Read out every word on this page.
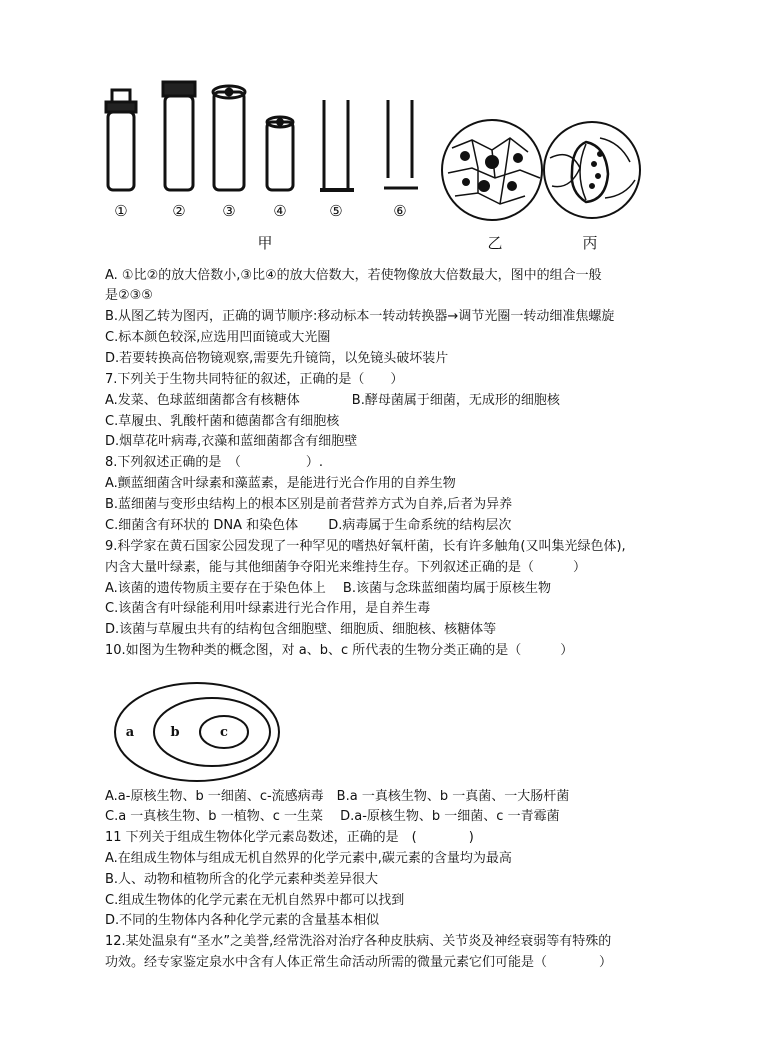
①	② ③	④	⑤	⑥
甲	乙	丙
A. ①比②的放大倍数小,③比④的放大倍数大，若使物像放大倍数最大，图中的组合一般
是②③⑤
B.从图乙转为图丙，正确的调节顺序:移动标本一转动转换器→调节光圈一转动细准焦螺旋
C.标本颜色较深,应选用凹面镜或大光圈
D.若要转换高倍物镜观察,需要先升镜筒，以免镜头破坏装片
7.下列关于生物共同特征的叙述，正确的是（　　）
A.发菜、色球蓝细菌都含有核糖体　　　　B.酵母菌属于细菌，无成形的细胞核
C.草履虫、乳酸杆菌和德菌都含有细胞核
D.烟草花叶病毒,衣藻和蓝细菌都含有细胞壁
8.下列叙述正确的是　（　　　　　）.
A.颤蓝细菌含叶绿素和藻蓝素，是能进行光合作用的自养生物
B.蓝细菌与变形虫结构上的根本区别是前者营养方式为自养,后者为异养
C.细菌含有环状的 DNA 和染色体　　 D.病毒属于生命系统的结构层次
9.科学家在黄石国家公园发现了一种罕见的嗜热好氧杆菌，长有许多触角(又叫集光绿色体),
内含大量叶绿素，能与其他细菌争夺阳光来维持生存。下列叙述正确的是（　　　）
A.该菌的遗传物质主要存在于染色体上　 B.该菌与念珠蓝细菌均属于原核生物
C.该菌含有叶绿能利用叶绿素进行光合作用，是自养生毒
D.该菌与草履虫共有的结构包含细胞壁、细胞质、细胞核、核糖体等
10.如图为生物种类的概念图，对 a、b、c 所代表的生物分类正确的是（　　　）
a	b	c
A.a-原核生物、b 一细菌、c-流感病毒　B.a 一真核生物、b 一真菌、一大肠杆菌
C.a 一真核生物、b 一植物、c 一生菜　 D.a-原核生物、b 一细菌、c 一青霉菌
11 下列关于组成生物体化学元素岛数述，正确的是　(　　　　)
A.在组成生物体与组成无机自然界的化学元素中,碳元素的含量均为最高
B.人、动物和植物所含的化学元素种类差异很大
C.组成生物体的化学元素在无机自然界中都可以找到
D.不同的生物体内各种化学元素的含量基本相似
12.某处温泉有“圣水”之美誉,经常洗浴对治疗各种皮肤病、关节炎及神经衰弱等有特殊的
功效。经专家鉴定泉水中含有人体正常生命活动所需的微量元素它们可能是（　　　　）
